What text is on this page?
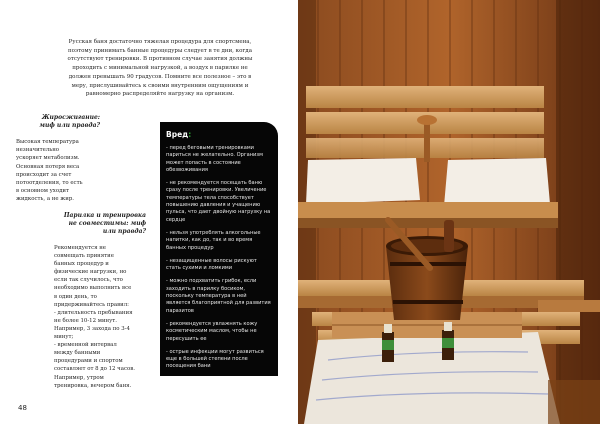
Русская баня достаточно тяжелая процедура для спортсмена,

поэтому принимать банные процедуры следует в те дни, когда

отсутствуют тренировки. В противном случае занятия должны

проходить с минимальной нагрузкой, а воздух в парилке не

должен превышать 90 градусов. Помните все полезное – это в

меру, прислушивайтесь к своими внутренним ощущениям и

равномерно распределяйте нагрузку на организм.

Жиросжигание:
миф или правда?
Высокая температура
незначительно
ускоряет метаболизм.
Основная потеря веса
происходит за счет
потоотделения, то есть
в основном уходит
жидкость, а не жир.
Парилка и тренировка
не совместимы: миф
или правда?
Рекомендуется не
совмещать принятие
банных процедур и
физические нагрузки, но
если так случилось, что
необходимо выполнить все
в один день, то
придерживайтесь правил:
- длительность пребывания
не более 10-12 минут.
Например, 3 захода по 3-4
минут;
- временной интервал
между банными
процедурами и спортом
составляет от 8 до 12 часов.
Например, утром
тренировка, вечером баня.
Вред:
- перед беговыми тренировками париться не желательно. Организм может попасть в состояние обезвоживания
- не рекомендуется посещать баню сразу после тренировки. Увеличение температуры тела способствует повышению давления и учащению пульса, что дает двойную нагрузку на сердце
- нельзя употреблять алкогольные напитки, как до, так и во время банных процедур
- незащищенные волосы рискуют стать сухими и ломкими
- можно подхватить грибок, если заходить в парилку босиком, поскольку температура в ней является благоприятной для развития паразитов
- рекомендуется увлажнять кожу косметическим маслом, чтобы не пересушить ее
- острые инфекции могут развиться еще в большей степени после посещения бани
48
